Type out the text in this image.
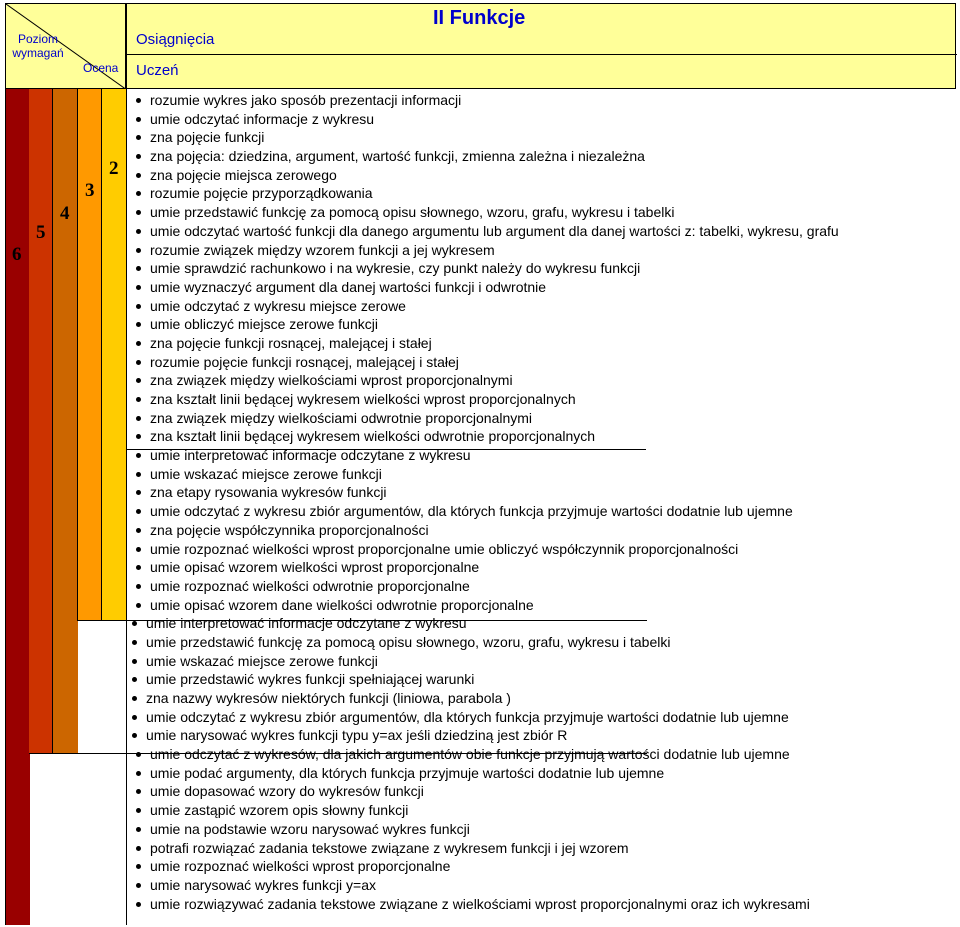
Poziom wymagań
Ocena
Osiągnięcia
II Funkcje
Uczeń
6
5
4
3
2
rozumie wykres jako sposób prezentacji informacji
umie odczytać informacje z wykresu
zna pojęcie funkcji
zna pojęcia: dziedzina, argument, wartość funkcji, zmienna zależna i niezależna
zna pojęcie miejsca zerowego
rozumie pojęcie przyporządkowania
umie przedstawić funkcję za pomocą opisu słownego, wzoru, grafu, wykresu i tabelki
umie odczytać wartość funkcji dla danego argumentu lub argument dla danej wartości z: tabelki, wykresu, grafu
rozumie związek między wzorem funkcji a jej wykresem
umie sprawdzić rachunkowo i na wykresie, czy punkt należy do wykresu funkcji
umie wyznaczyć argument dla danej wartości funkcji i odwrotnie
umie odczytać z wykresu miejsce zerowe
umie obliczyć miejsce zerowe funkcji
zna pojęcie funkcji rosnącej, malejącej i stałej
rozumie pojęcie funkcji rosnącej, malejącej i stałej
zna związek między wielkościami wprost proporcjonalnymi
zna kształt linii będącej wykresem wielkości wprost proporcjonalnych
zna związek między wielkościami odwrotnie proporcjonalnymi
zna kształt linii będącej wykresem wielkości odwrotnie proporcjonalnych
umie interpretować informacje odczytane z wykresu
umie wskazać miejsce zerowe funkcji
zna etapy rysowania wykresów funkcji
umie odczytać z wykresu zbiór argumentów, dla których funkcja przyjmuje wartości dodatnie lub ujemne
zna pojęcie współczynnika proporcjonalności
umie rozpoznać wielkości wprost proporcjonalne umie obliczyć współczynnik proporcjonalności
umie opisać wzorem wielkości wprost proporcjonalne
umie rozpoznać wielkości odwrotnie proporcjonalne
umie opisać wzorem dane wielkości odwrotnie proporcjonalne
umie interpretować informacje odczytane z wykresu
umie przedstawić funkcję za pomocą opisu słownego, wzoru, grafu, wykresu i tabelki
umie wskazać miejsce zerowe funkcji
umie przedstawić wykres funkcji spełniającej warunki
zna nazwy wykresów niektórych funkcji (liniowa, parabola )
umie odczytać z wykresu zbiór argumentów, dla których funkcja przyjmuje wartości dodatnie lub ujemne
umie narysować wykres funkcji typu y=ax jeśli dziedziną jest zbiór R
umie odczytać z wykresów, dla jakich argumentów obie funkcje przyjmują wartości dodatnie lub ujemne
umie podać argumenty, dla których funkcja przyjmuje wartości dodatnie lub ujemne
umie dopasować wzory do wykresów funkcji
umie zastąpić wzorem opis słowny funkcji
umie na podstawie wzoru narysować wykres funkcji
potrafi rozwiązać zadania tekstowe związane z wykresem funkcji i jej wzorem
umie rozpoznać wielkości wprost proporcjonalne
umie narysować wykres funkcji y=ax
umie rozwiązywać zadania tekstowe związane z wielkościami wprost proporcjonalnymi oraz ich wykresami
